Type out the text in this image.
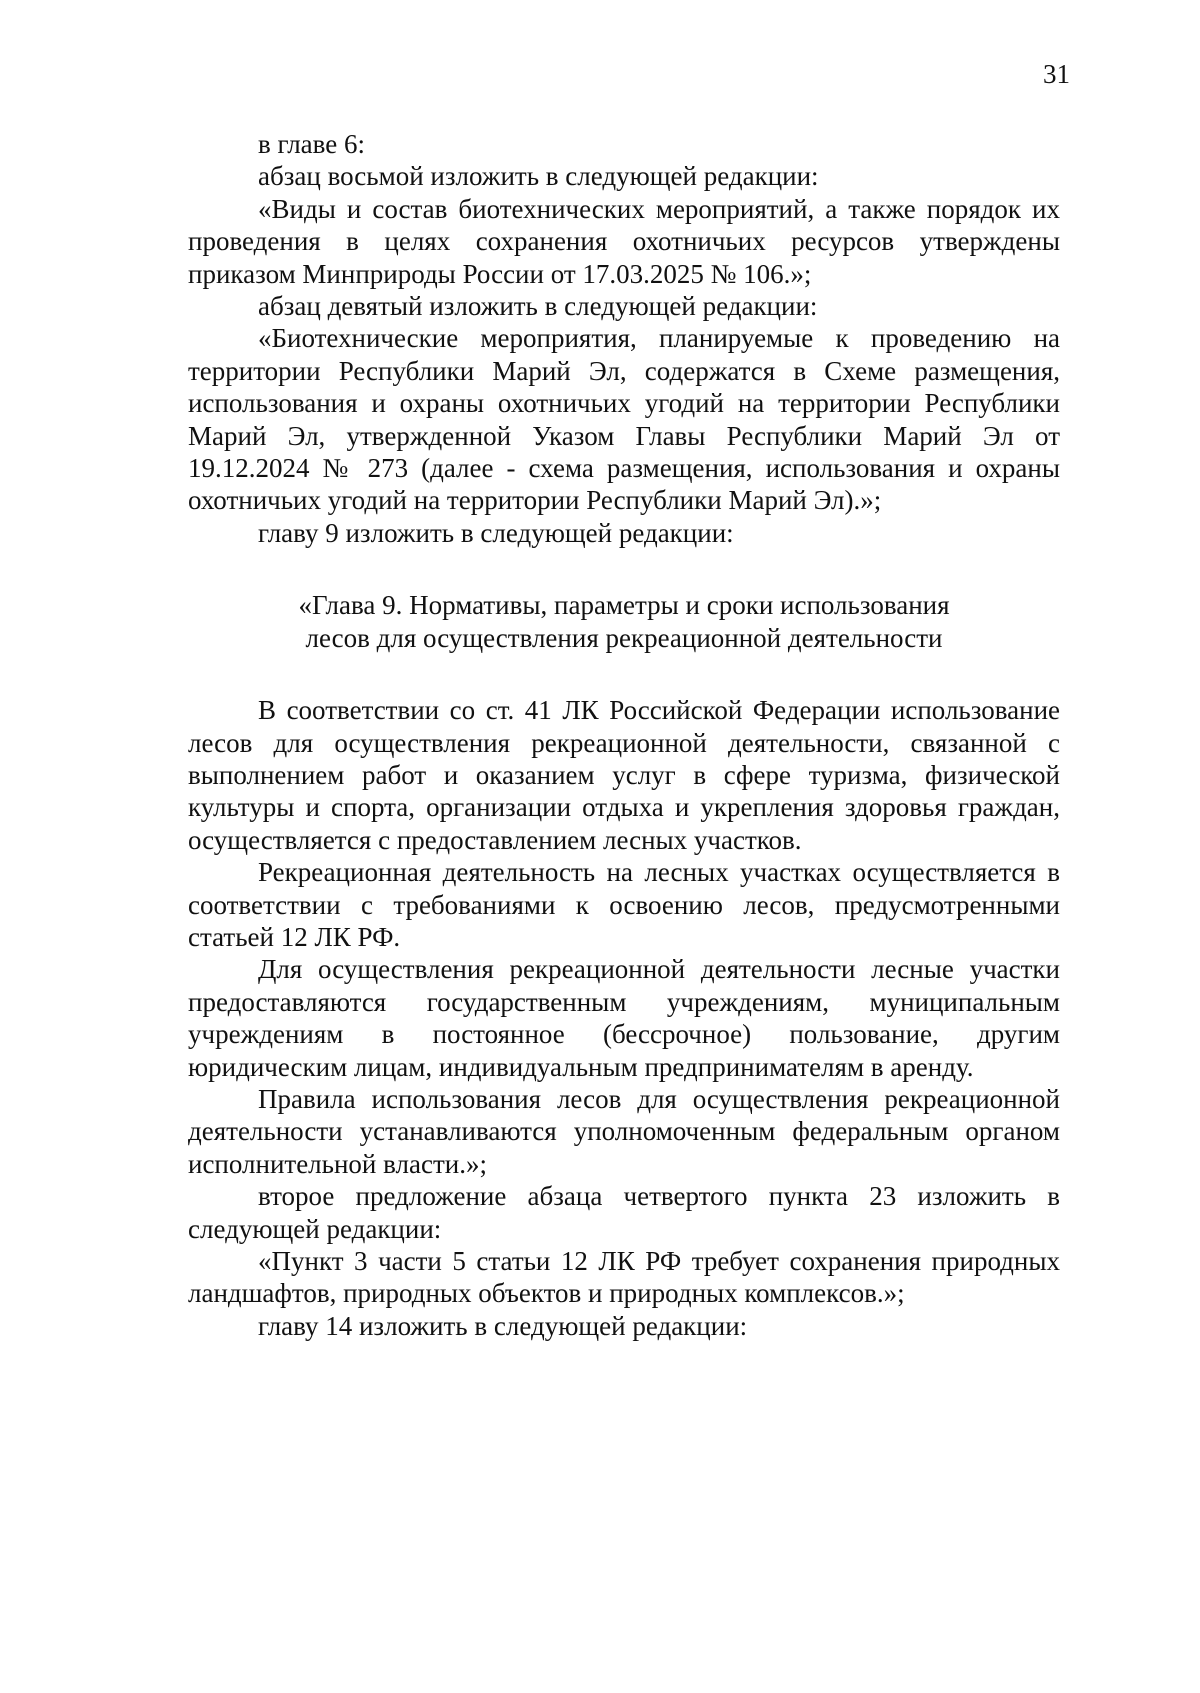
31

в главе 6:

абзац восьмой изложить в следующей редакции:

«Виды и состав биотехнических мероприятий, а также порядок их проведения в целях сохранения охотничьих ресурсов утверждены приказом Минприроды России от 17.03.2025 № 106.»;

абзац девятый изложить в следующей редакции:

«Биотехнические мероприятия, планируемые к проведению на территории Республики Марий Эл, содержатся в Схеме размещения, использования и охраны охотничьих угодий на территории Республики Марий Эл, утвержденной Указом Главы Республики Марий Эл от 19.12.2024 № 273 (далее - схема размещения, использования и охраны охотничьих угодий на территории Республики Марий Эл).»;

главу 9 изложить в следующей редакции:

«Глава 9. Нормативы, параметры и сроки использования
лесов для осуществления рекреационной деятельности

В соответствии со ст. 41 ЛК Российской Федерации использование лесов для осуществления рекреационной деятельности, связанной с выполнением работ и оказанием услуг в сфере туризма, физической культуры и спорта, организации отдыха и укрепления здоровья граждан, осуществляется с предоставлением лесных участков.

Рекреационная деятельность на лесных участках осуществляется в соответствии с требованиями к освоению лесов, предусмотренными статьей 12 ЛК РФ.

Для осуществления рекреационной деятельности лесные участки предоставляются государственным учреждениям, муниципальным учреждениям в постоянное (бессрочное) пользование, другим юридическим лицам, индивидуальным предпринимателям в аренду.

Правила использования лесов для осуществления рекреационной деятельности устанавливаются уполномоченным федеральным органом исполнительной власти.»;

второе предложение абзаца четвертого пункта 23 изложить в следующей редакции:

«Пункт 3 части 5 статьи 12 ЛК РФ требует сохранения природных ландшафтов, природных объектов и природных комплексов.»;

главу 14 изложить в следующей редакции:
